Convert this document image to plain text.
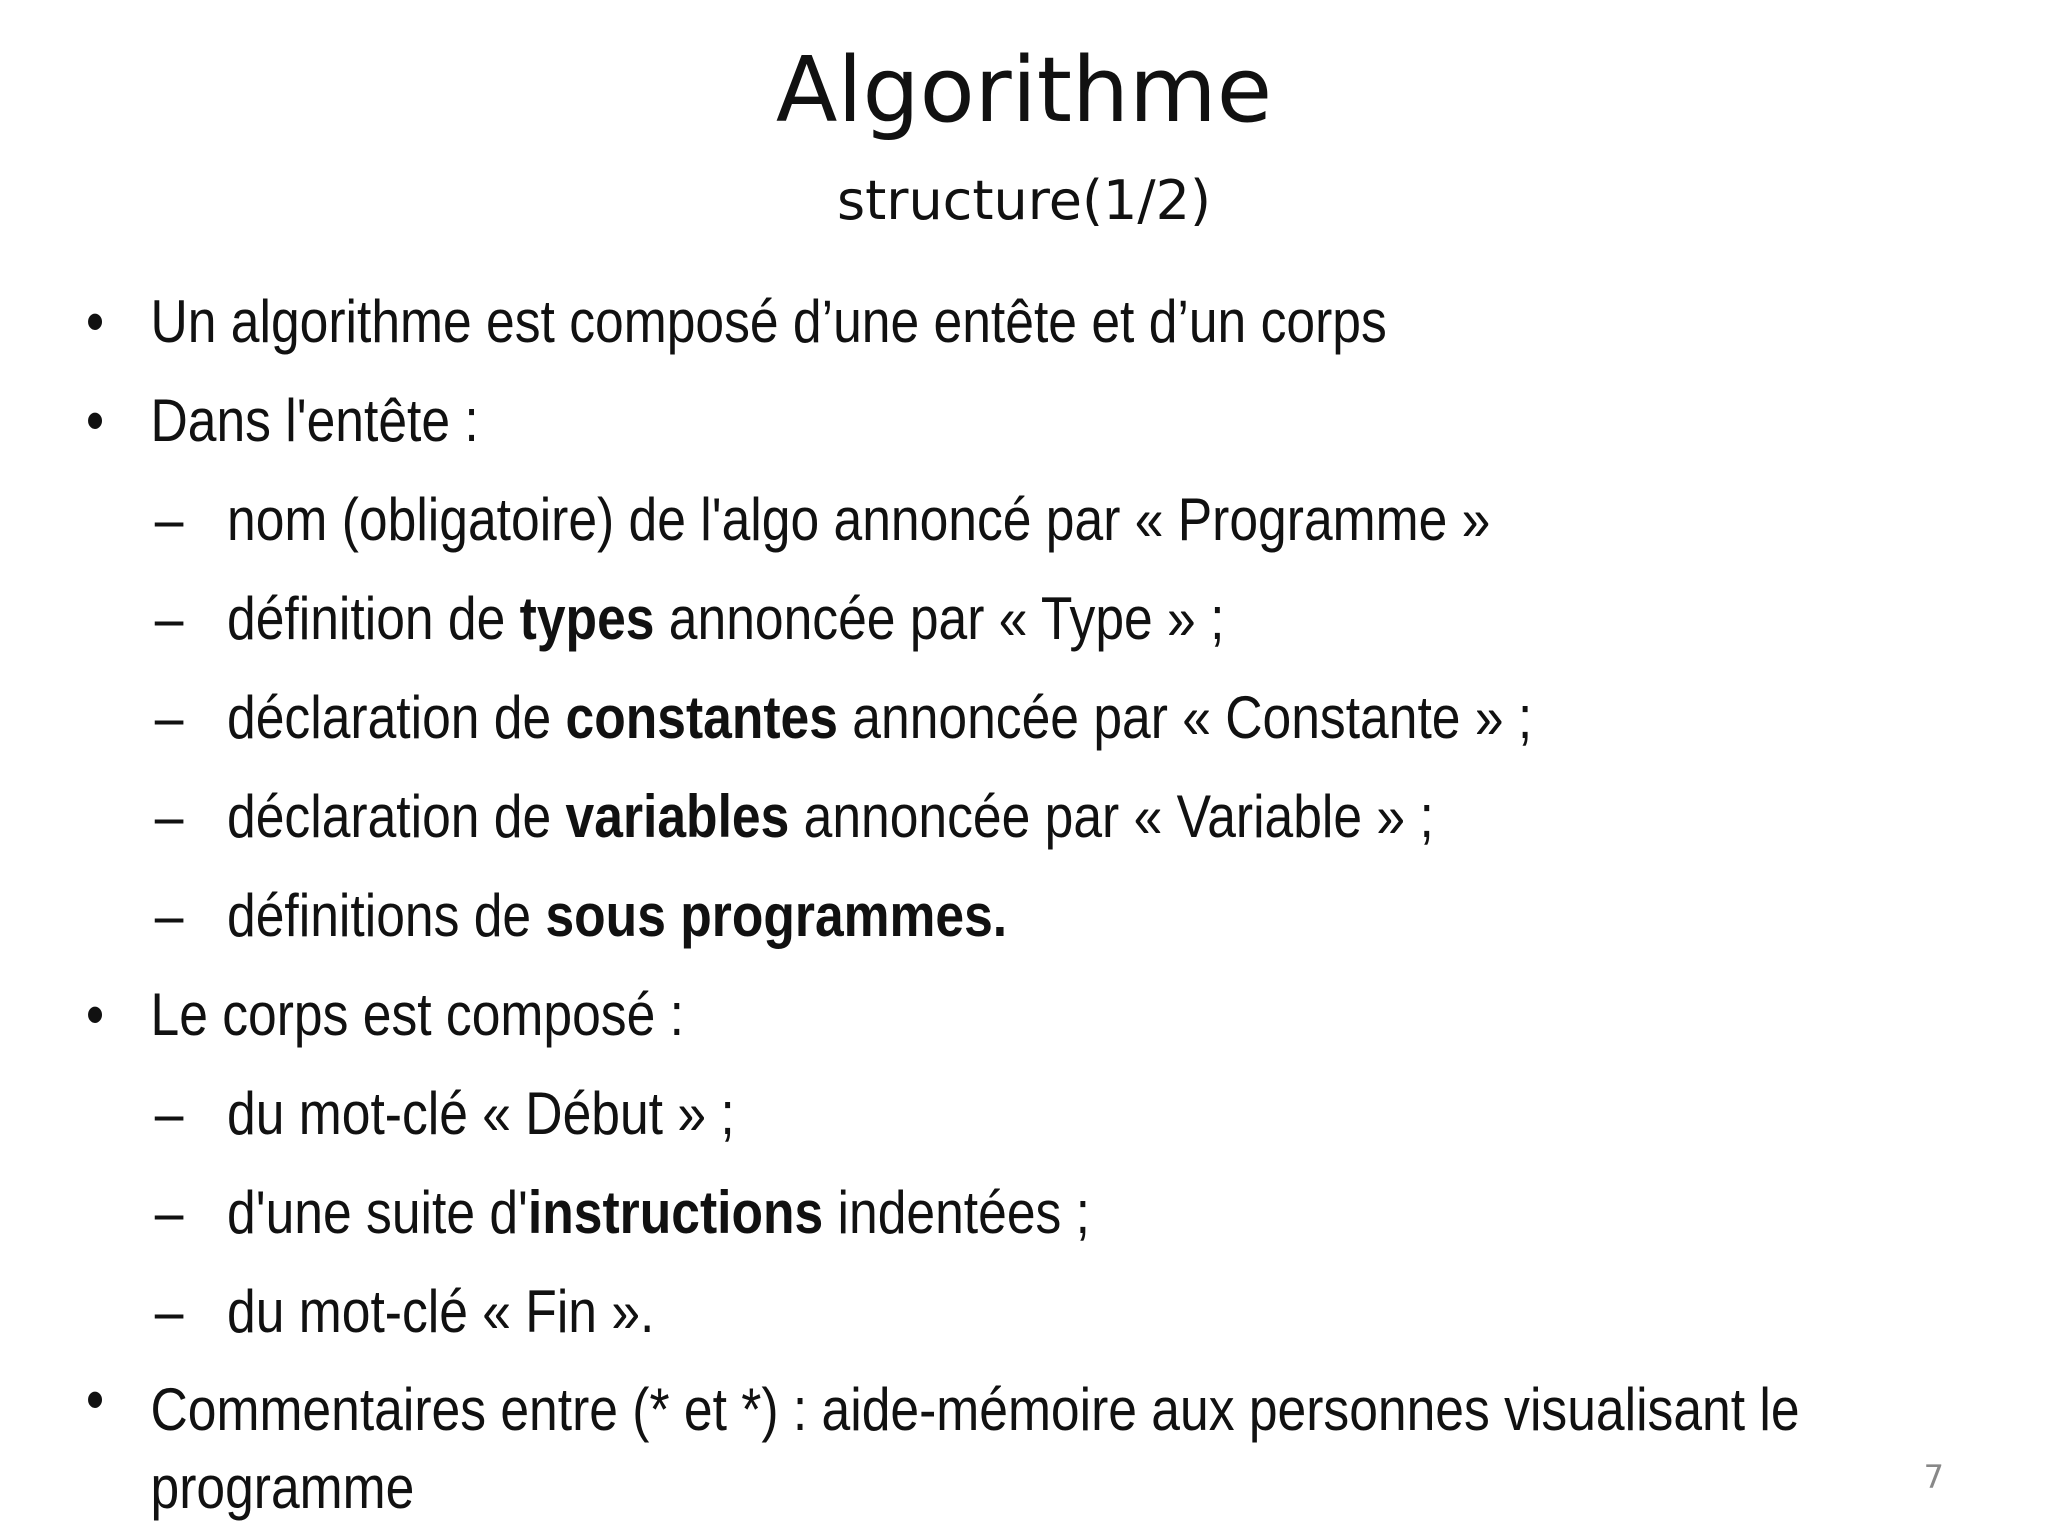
Algorithme
structure(1/2)
• Un algorithme est composé d’une entête et d’un corps
• Dans l'entête :
– nom (obligatoire) de l'algo annoncé par « Programme »
– définition de types annoncée par « Type » ;
– déclaration de constantes annoncée par « Constante » ;
– déclaration de variables annoncée par « Variable » ;
– définitions de sous programmes.
• Le corps est composé :
– du mot-clé « Début » ;
– d'une suite d'instructions indentées ;
– du mot-clé « Fin ».
• Commentaires entre (* et *) : aide-mémoire aux personnes visualisant le programme	7
